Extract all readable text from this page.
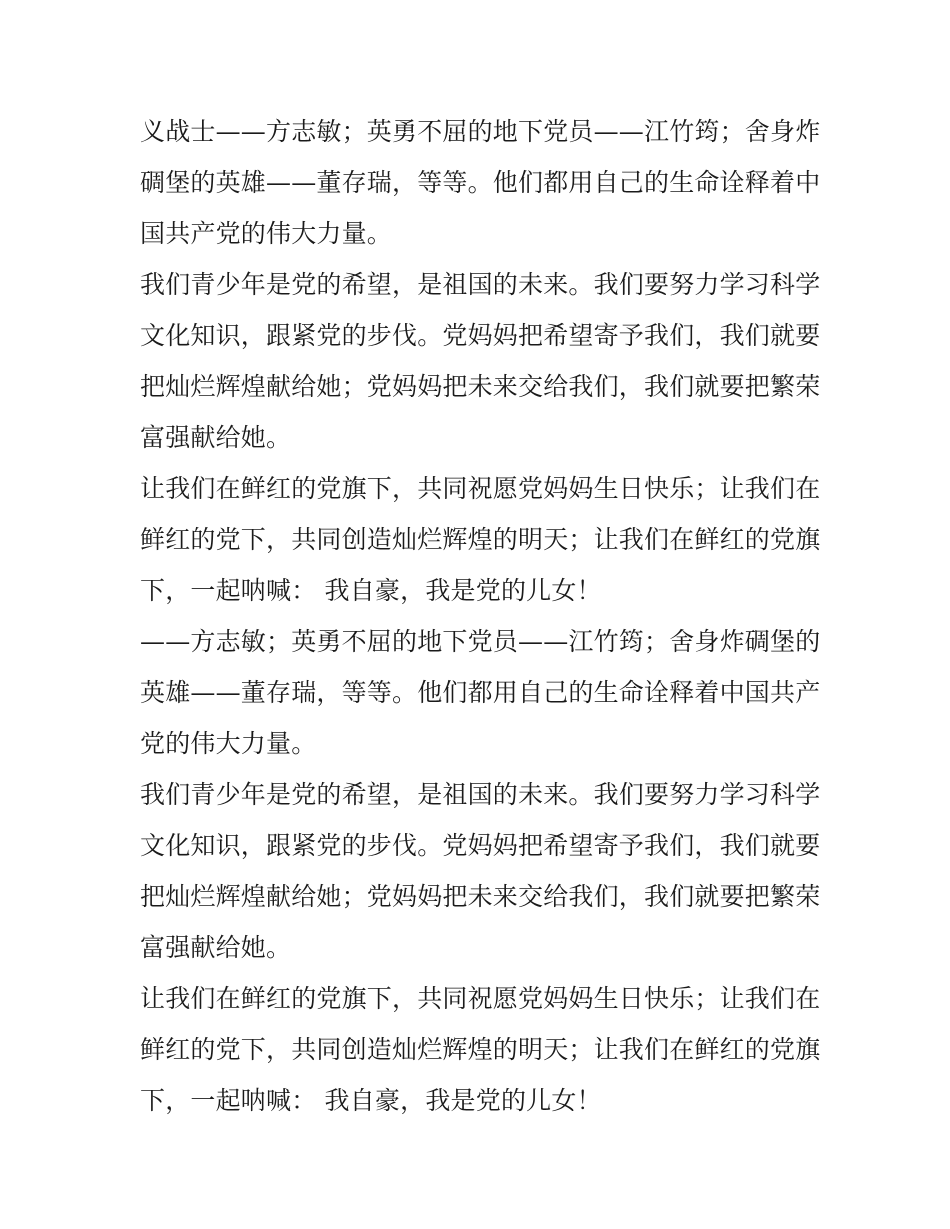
义战士——方志敏；英勇不屈的地下党员——江竹筠；舍身炸
碉堡的英雄——董存瑞，等等。他们都用自己的生命诠释着中
国共产党的伟大力量。
我们青少年是党的希望，是祖国的未来。我们要努力学习科学
文化知识，跟紧党的步伐。党妈妈把希望寄予我们，我们就要
把灿烂辉煌献给她；党妈妈把未来交给我们，我们就要把繁荣
富强献给她。
让我们在鲜红的党旗下，共同祝愿党妈妈生日快乐；让我们在
鲜红的党下，共同创造灿烂辉煌的明天；让我们在鲜红的党旗
下，一起呐喊： 我自豪，我是党的儿女！
——方志敏；英勇不屈的地下党员——江竹筠；舍身炸碉堡的
英雄——董存瑞，等等。他们都用自己的生命诠释着中国共产
党的伟大力量。
我们青少年是党的希望，是祖国的未来。我们要努力学习科学
文化知识，跟紧党的步伐。党妈妈把希望寄予我们，我们就要
把灿烂辉煌献给她；党妈妈把未来交给我们，我们就要把繁荣
富强献给她。
让我们在鲜红的党旗下，共同祝愿党妈妈生日快乐；让我们在
鲜红的党下，共同创造灿烂辉煌的明天；让我们在鲜红的党旗
下，一起呐喊： 我自豪，我是党的儿女！
